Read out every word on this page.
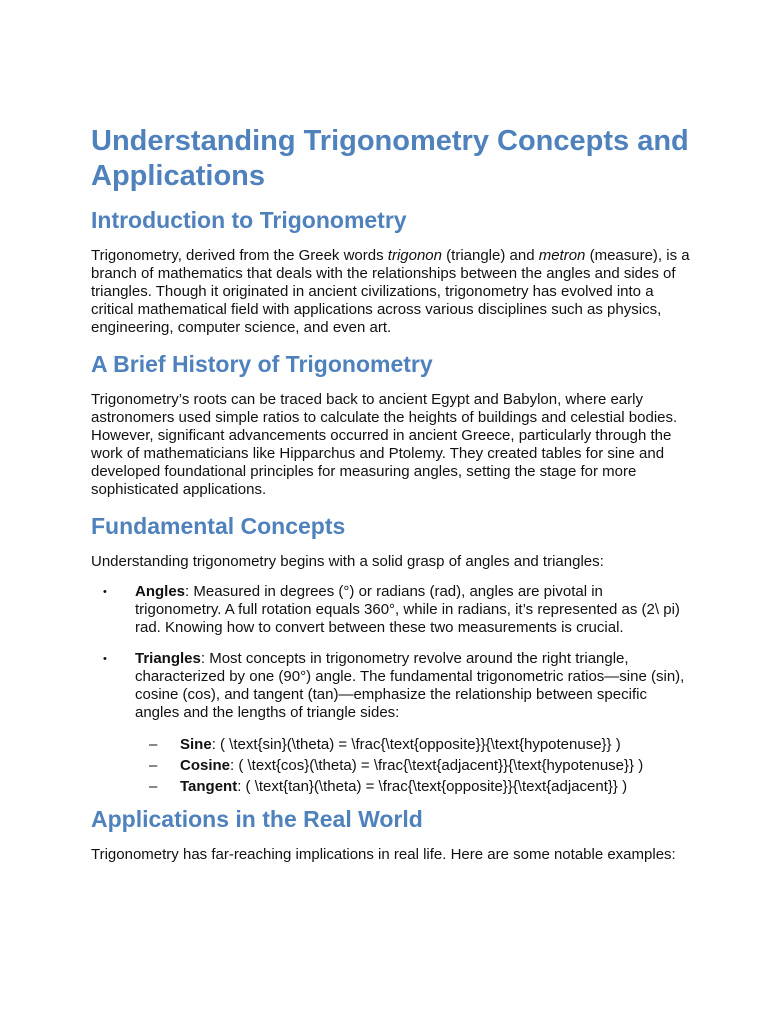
Understanding Trigonometry Concepts and Applications
Introduction to Trigonometry

Trigonometry, derived from the Greek words trigonon (triangle) and metron (measure), is a branch of mathematics that deals with the relationships between the angles and sides of triangles. Though it originated in ancient civilizations, trigonometry has evolved into a critical mathematical field with applications across various disciplines such as physics, engineering, computer science, and even art.

A Brief History of Trigonometry

Trigonometry’s roots can be traced back to ancient Egypt and Babylon, where early astronomers used simple ratios to calculate the heights of buildings and celestial bodies. However, significant advancements occurred in ancient Greece, particularly through the work of mathematicians like Hipparchus and Ptolemy. They created tables for sine and developed foundational principles for measuring angles, setting the stage for more sophisticated applications.

Fundamental Concepts

Understanding trigonometry begins with a solid grasp of angles and triangles:

• Angles: Measured in degrees (°) or radians (rad), angles are pivotal in trigonometry. A full rotation equals 360°, while in radians, it’s represented as (2\ pi) rad. Knowing how to convert between these two measurements is crucial.
• Triangles: Most concepts in trigonometry revolve around the right triangle, characterized by one (90°) angle. The fundamental trigonometric ratios—sine (sin), cosine (cos), and tangent (tan)—emphasize the relationship between specific angles and the lengths of triangle sides:
– Sine: ( \text{sin}(\theta) = \frac{\text{opposite}}{\text{hypotenuse}} )
– Cosine: ( \text{cos}(\theta) = \frac{\text{adjacent}}{\text{hypotenuse}} )
– Tangent: ( \text{tan}(\theta) = \frac{\text{opposite}}{\text{adjacent}} )
Applications in the Real World

Trigonometry has far-reaching implications in real life. Here are some notable examples:
